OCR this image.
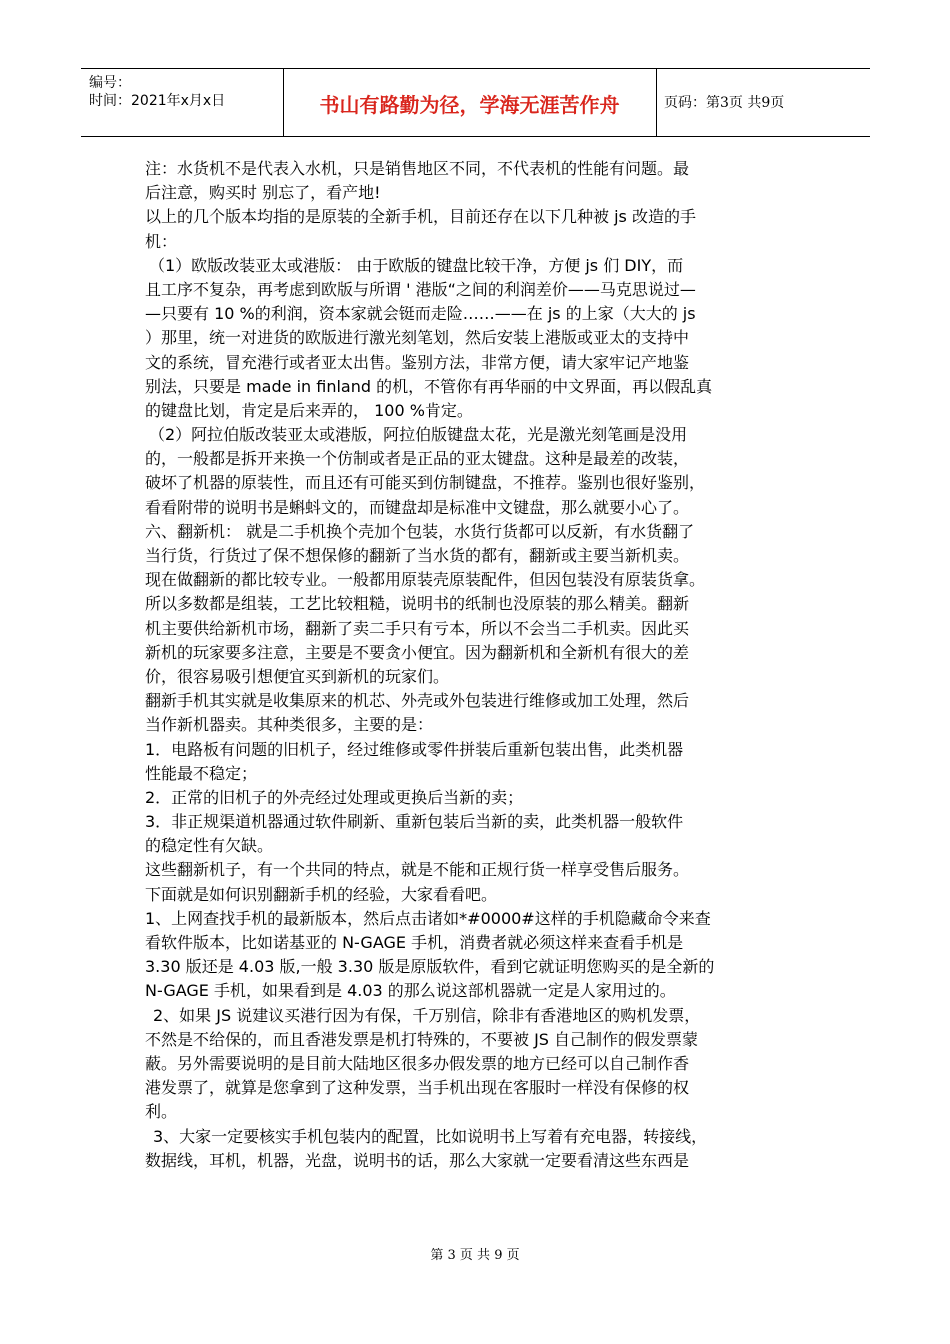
编号：
时间：2021年x月x日	书山有路勤为径，学海无涯苦作舟	页码：第3页 共9页
注：水货机不是代表入水机，只是销售地区不同，不代表机的性能有问题。最
后注意，购买时 别忘了，看产地!
以上的几个版本均指的是原装的全新手机，目前还存在以下几种被 js 改造的手
机：
（1）欧版改装亚太或港版： 由于欧版的键盘比较干净，方便 js 们 DIY，而
且工序不复杂，再考虑到欧版与所谓 ' 港版“之间的利润差价——马克思说过—
—只要有 10 %的利润，资本家就会铤而走险……——在 js 的上家（大大的 js
）那里，统一对进货的欧版进行激光刻笔划，然后安装上港版或亚太的支持中
文的系统，冒充港行或者亚太出售。鉴别方法，非常方便，请大家牢记产地鉴
别法，只要是 made in finland 的机，不管你有再华丽的中文界面，再以假乱真
的键盘比划，肯定是后来弄的， 100 %肯定。
（2）阿拉伯版改装亚太或港版，阿拉伯版键盘太花，光是激光刻笔画是没用
的，一般都是拆开来换一个仿制或者是正品的亚太键盘。这种是最差的改装，
破坏了机器的原装性，而且还有可能买到仿制键盘，不推荐。鉴别也很好鉴别，
看看附带的说明书是蝌蚪文的，而键盘却是标准中文键盘，那么就要小心了。
六、翻新机： 就是二手机换个壳加个包装，水货行货都可以反新，有水货翻了
当行货，行货过了保不想保修的翻新了当水货的都有，翻新或主要当新机卖。
现在做翻新的都比较专业。一般都用原装壳原装配件，但因包装没有原装货拿。
所以多数都是组装，工艺比较粗糙，说明书的纸制也没原装的那么精美。翻新
机主要供给新机市场，翻新了卖二手只有亏本，所以不会当二手机卖。因此买
新机的玩家要多注意，主要是不要贪小便宜。因为翻新机和全新机有很大的差
价，很容易吸引想便宜买到新机的玩家们。
翻新手机其实就是收集原来的机芯、外壳或外包装进行维修或加工处理，然后
当作新机器卖。其种类很多，主要的是：
1．电路板有问题的旧机子，经过维修或零件拼装后重新包装出售，此类机器
性能最不稳定；
2．正常的旧机子的外壳经过处理或更换后当新的卖；
3．非正规渠道机器通过软件刷新、重新包装后当新的卖，此类机器一般软件
的稳定性有欠缺。
这些翻新机子，有一个共同的特点，就是不能和正规行货一样享受售后服务。
下面就是如何识别翻新手机的经验，大家看看吧。
1、上网查找手机的最新版本，然后点击诸如*#0000#这样的手机隐藏命令来查
看软件版本，比如诺基亚的 N-GAGE 手机，消费者就必须这样来查看手机是
3.30 版还是 4.03 版,一般 3.30 版是原版软件，看到它就证明您购买的是全新的
N-GAGE 手机，如果看到是 4.03 的那么说这部机器就一定是人家用过的。
2、如果 JS 说建议买港行因为有保，千万别信，除非有香港地区的购机发票，
不然是不给保的，而且香港发票是机打特殊的，不要被 JS 自己制作的假发票蒙
蔽。另外需要说明的是目前大陆地区很多办假发票的地方已经可以自己制作香
港发票了，就算是您拿到了这种发票，当手机出现在客服时一样没有保修的权
利。
3、大家一定要核实手机包装内的配置，比如说明书上写着有充电器，转接线，
数据线，耳机，机器，光盘，说明书的话，那么大家就一定要看清这些东西是
第 3 页 共 9 页
